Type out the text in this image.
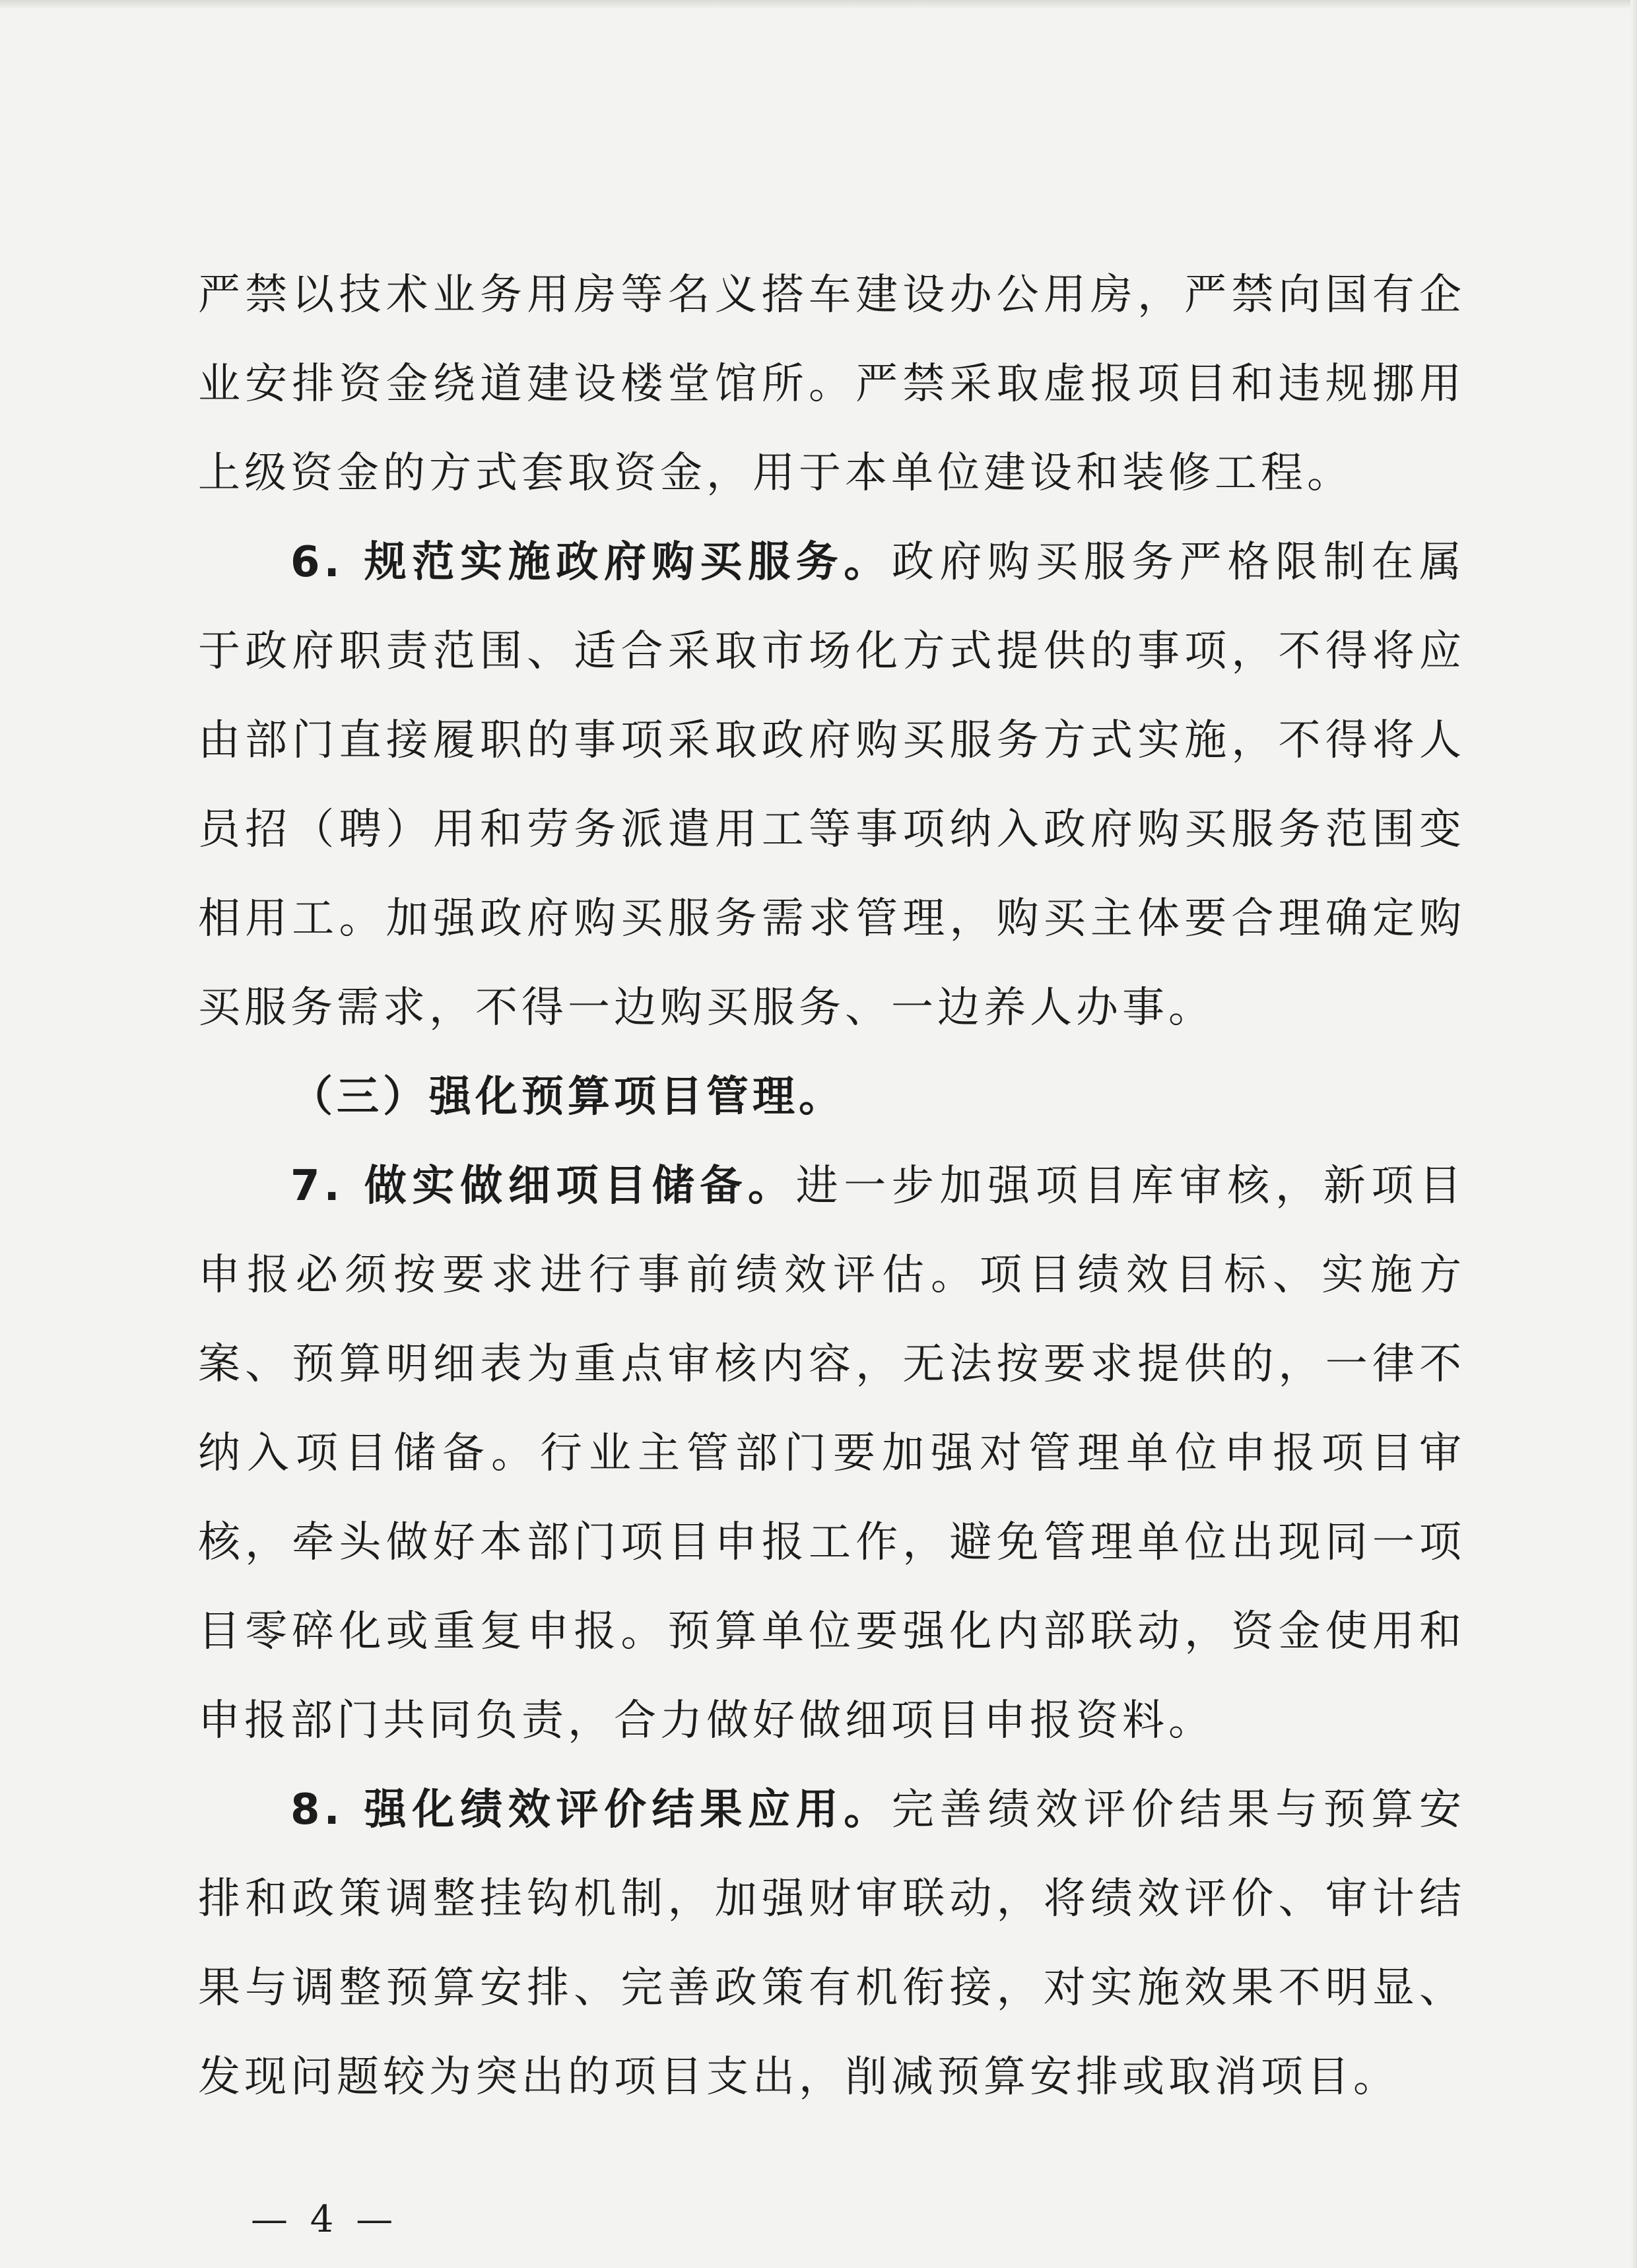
严禁以技术业务用房等名义搭车建设办公用房，严禁向国有企业安排资金绕道建设楼堂馆所。严禁采取虚报项目和违规挪用上级资金的方式套取资金，用于本单位建设和装修工程。

6. 规范实施政府购买服务。政府购买服务严格限制在属于政府职责范围、适合采取市场化方式提供的事项，不得将应由部门直接履职的事项采取政府购买服务方式实施，不得将人员招（聘）用和劳务派遣用工等事项纳入政府购买服务范围变相用工。加强政府购买服务需求管理，购买主体要合理确定购买服务需求，不得一边购买服务、一边养人办事。

（三）强化预算项目管理。

7. 做实做细项目储备。进一步加强项目库审核，新项目申报必须按要求进行事前绩效评估。项目绩效目标、实施方案、预算明细表为重点审核内容，无法按要求提供的，一律不纳入项目储备。行业主管部门要加强对管理单位申报项目审核，牵头做好本部门项目申报工作，避免管理单位出现同一项目零碎化或重复申报。预算单位要强化内部联动，资金使用和申报部门共同负责，合力做好做细项目申报资料。

8. 强化绩效评价结果应用。完善绩效评价结果与预算安排和政策调整挂钩机制，加强财审联动，将绩效评价、审计结果与调整预算安排、完善政策有机衔接，对实施效果不明显、发现问题较为突出的项目支出，削减预算安排或取消项目。

— 4 —
